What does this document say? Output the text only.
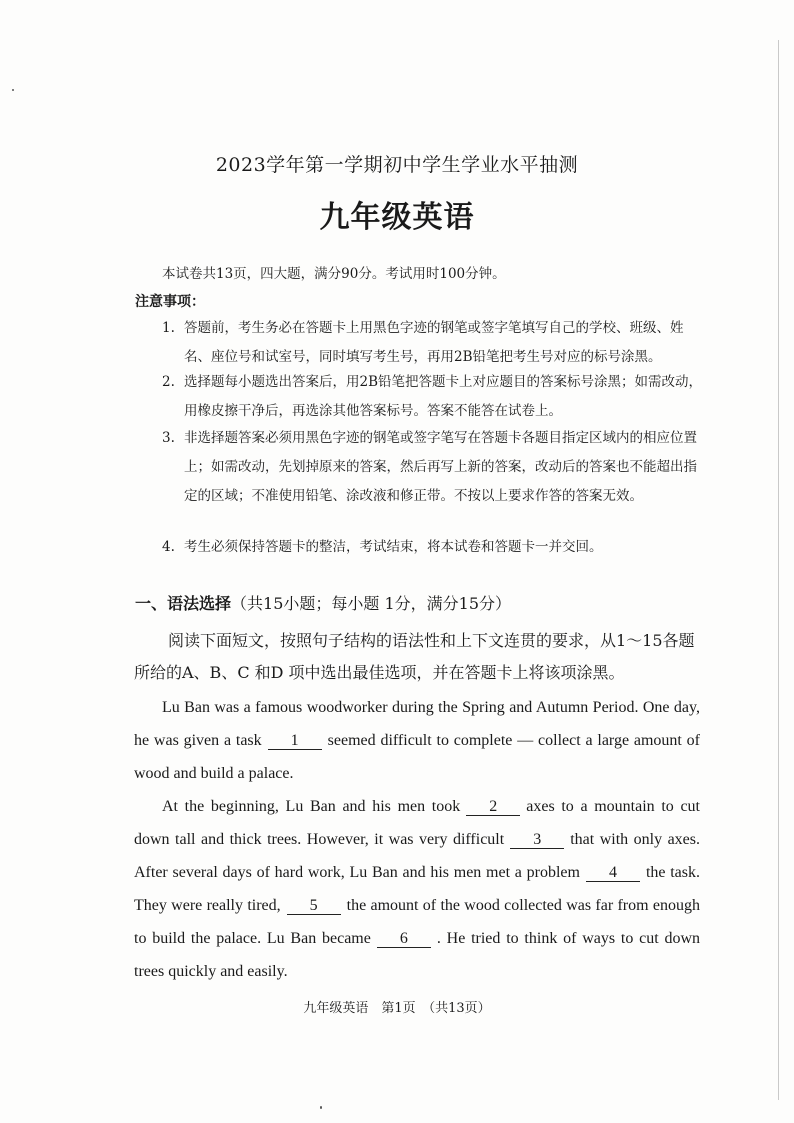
2023学年第一学期初中学生学业水平抽测
九年级英语
本试卷共13页，四大题，满分90分。考试用时100分钟。
注意事项：
1. 答题前，考生务必在答题卡上用黑色字迹的钢笔或签字笔填写自己的学校、班级、姓名、座位号和试室号，同时填写考生号，再用2B铅笔把考生号对应的标号涂黑。
2. 选择题每小题选出答案后，用2B铅笔把答题卡上对应题目的答案标号涂黑；如需改动，用橡皮擦干净后，再选涂其他答案标号。答案不能答在试卷上。
3. 非选择题答案必须用黑色字迹的钢笔或签字笔写在答题卡各题目指定区域内的相应位置上；如需改动，先划掉原来的答案，然后再写上新的答案，改动后的答案也不能超出指定的区域；不准使用铅笔、涂改液和修正带。不按以上要求作答的答案无效。
4. 考生必须保持答题卡的整洁，考试结束，将本试卷和答题卡一并交回。
一、语法选择（共15小题；每小题 1分，满分15分）
阅读下面短文，按照句子结构的语法性和上下文连贯的要求，从1～15各题所给的A、B、C 和D 项中选出最佳选项，并在答题卡上将该项涂黑。

Lu Ban was a famous woodworker during the Spring and Autumn Period. One day, he was given a task 1 seemed difficult to complete — collect a large amount of wood and build a palace.

At the beginning, Lu Ban and his men took 2 axes to a mountain to cut down tall and thick trees. However, it was very difficult 3 that with only axes. After several days of hard work, Lu Ban and his men met a problem 4 the task. They were really tired, 5 the amount of the wood collected was far from enough to build the palace. Lu Ban became 6 . He tried to think of ways to cut down trees quickly and easily.

九年级英语　第1页　（共13页）
